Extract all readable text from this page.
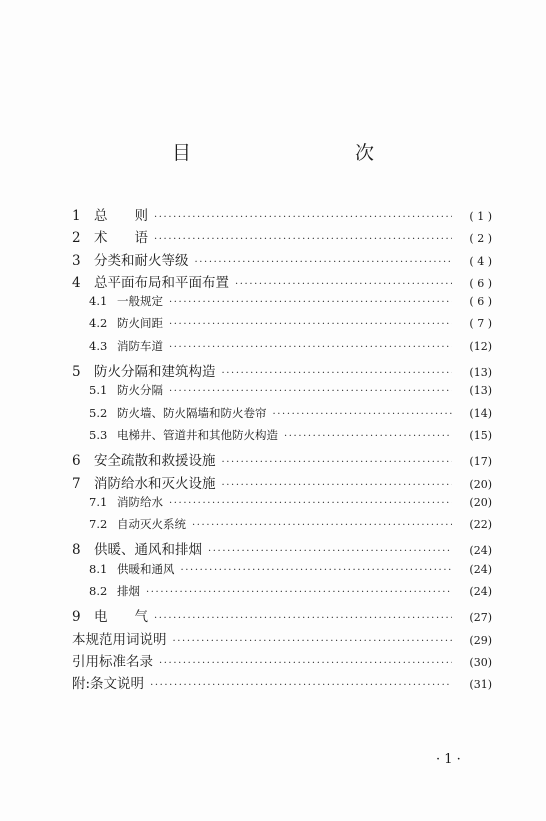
目　　次
1 总　　则 ·····	( 1 )
2 术　　语 ·····	( 2 )
3 分类和耐火等级 ·····	( 4 )
4 总平面布局和平面布置 ·····	( 6 )
4.1 一般规定 ·····	( 6 )
4.2 防火间距 ·····	( 7 )
4.3 消防车道 ·····	(12)
5 防火分隔和建筑构造 ·····	(13)
5.1 防火分隔 ·····	(13)
5.2 防火墙、防火隔墙和防火卷帘 ·····	(14)
5.3 电梯井、管道井和其他防火构造 ·····	(15)
6 安全疏散和救援设施 ·····	(17)
7 消防给水和灭火设施 ·····	(20)
7.1 消防给水 ·····	(20)
7.2 自动灭火系统 ·····	(22)
8 供暖、通风和排烟 ·····	(24)
8.1 供暖和通风 ·····	(24)
8.2 排烟 ·····	(24)
9 电　　气 ·····	(27)
本规范用词说明 ·····	(29)
引用标准名录 ·····	(30)
附:条文说明 ·····	(31)
· 1 ·
